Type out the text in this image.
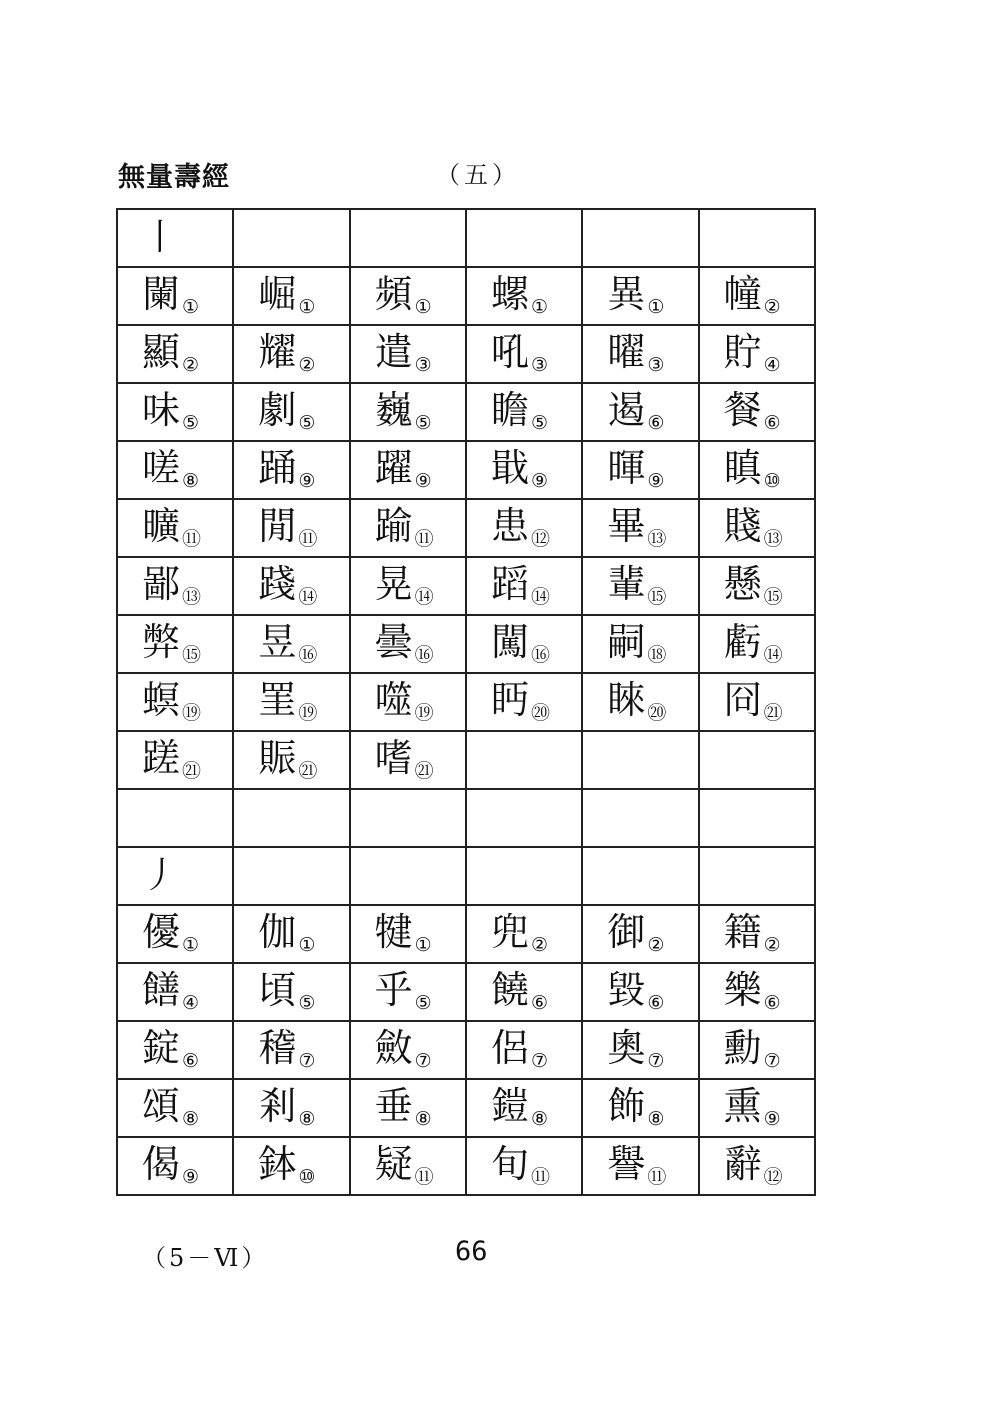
無量壽經	（五）
丨					
闌 ①	崛 ①	頻 ①	螺 ①	異 ①	幢 ②
顯 ②	耀 ②	遣 ③	吼 ③	曜 ③	貯 ④
味 ⑤	劇 ⑤	巍 ⑤	瞻 ⑤	遏 ⑥	餐 ⑥
嗟 ⑧	踊 ⑨	躍 ⑨	戢 ⑨	暉 ⑨	瞋 ⑩
曠 ⑪	閒 ⑪	踰 ⑪	患 ⑫	畢 ⑬	賤 ⑬
鄙 ⑬	踐 ⑭	晃 ⑭	蹈 ⑭	輩 ⑮	懸 ⑮
弊 ⑮	昱 ⑯	曇 ⑯	闖 ⑯	嗣 ⑱	虧 ⑭
螟 ⑲	罣 ⑲	噬 ⑲	眄 ⑳	睞 ⑳	冏 ㉑
蹉 ㉑	賑 ㉑	嗜 ㉑			

丿					
優 ①	伽 ①	犍 ①	兜 ②	御 ②	籍 ②
饍 ④	頃 ⑤	乎 ⑤	饒 ⑥	毀 ⑥	樂 ⑥
錠 ⑥	稽 ⑦	斂 ⑦	侶 ⑦	奧 ⑦	勳 ⑦
頌 ⑧	剎 ⑧	垂 ⑧	鎧 ⑧	飾 ⑧	熏 ⑨
偈 ⑨	鉢 ⑩	疑 ⑪	旬 ⑪	譽 ⑪	辭 ⑫
（5－Ⅵ）	66
